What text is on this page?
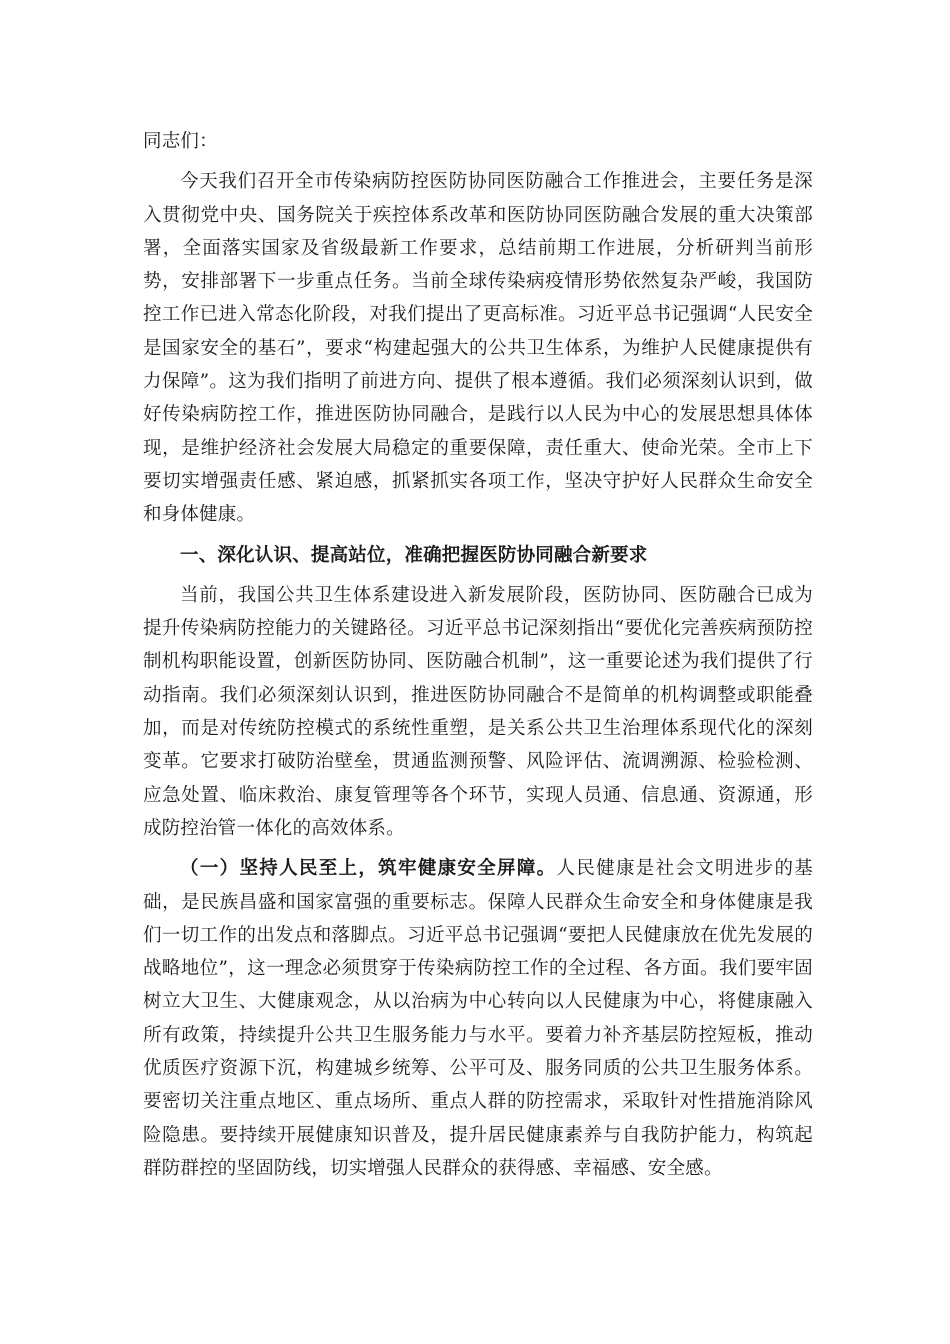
同志们：

今天我们召开全市传染病防控医防协同医防融合工作推进会，主要任务是深入贯彻党中央、国务院关于疾控体系改革和医防协同医防融合发展的重大决策部署，全面落实国家及省级最新工作要求，总结前期工作进展，分析研判当前形势，安排部署下一步重点任务。当前全球传染病疫情形势依然复杂严峻，我国防控工作已进入常态化阶段，对我们提出了更高标准。习近平总书记强调“人民安全是国家安全的基石”，要求“构建起强大的公共卫生体系，为维护人民健康提供有力保障”。这为我们指明了前进方向、提供了根本遵循。我们必须深刻认识到，做好传染病防控工作，推进医防协同融合，是践行以人民为中心的发展思想具体体现，是维护经济社会发展大局稳定的重要保障，责任重大、使命光荣。全市上下要切实增强责任感、紧迫感，抓紧抓实各项工作，坚决守护好人民群众生命安全和身体健康。

一、深化认识、提高站位，准确把握医防协同融合新要求

当前，我国公共卫生体系建设进入新发展阶段，医防协同、医防融合已成为提升传染病防控能力的关键路径。习近平总书记深刻指出“要优化完善疾病预防控制机构职能设置，创新医防协同、医防融合机制”，这一重要论述为我们提供了行动指南。我们必须深刻认识到，推进医防协同融合不是简单的机构调整或职能叠加，而是对传统防控模式的系统性重塑，是关系公共卫生治理体系现代化的深刻变革。它要求打破防治壁垒，贯通监测预警、风险评估、流调溯源、检验检测、应急处置、临床救治、康复管理等各个环节，实现人员通、信息通、资源通，形成防控治管一体化的高效体系。

（一）坚持人民至上，筑牢健康安全屏障。人民健康是社会文明进步的基础，是民族昌盛和国家富强的重要标志。保障人民群众生命安全和身体健康是我们一切工作的出发点和落脚点。习近平总书记强调“要把人民健康放在优先发展的战略地位”，这一理念必须贯穿于传染病防控工作的全过程、各方面。我们要牢固树立大卫生、大健康观念，从以治病为中心转向以人民健康为中心，将健康融入所有政策，持续提升公共卫生服务能力与水平。要着力补齐基层防控短板，推动优质医疗资源下沉，构建城乡统筹、公平可及、服务同质的公共卫生服务体系。要密切关注重点地区、重点场所、重点人群的防控需求，采取针对性措施消除风险隐患。要持续开展健康知识普及，提升居民健康素养与自我防护能力，构筑起群防群控的坚固防线，切实增强人民群众的获得感、幸福感、安全感。
